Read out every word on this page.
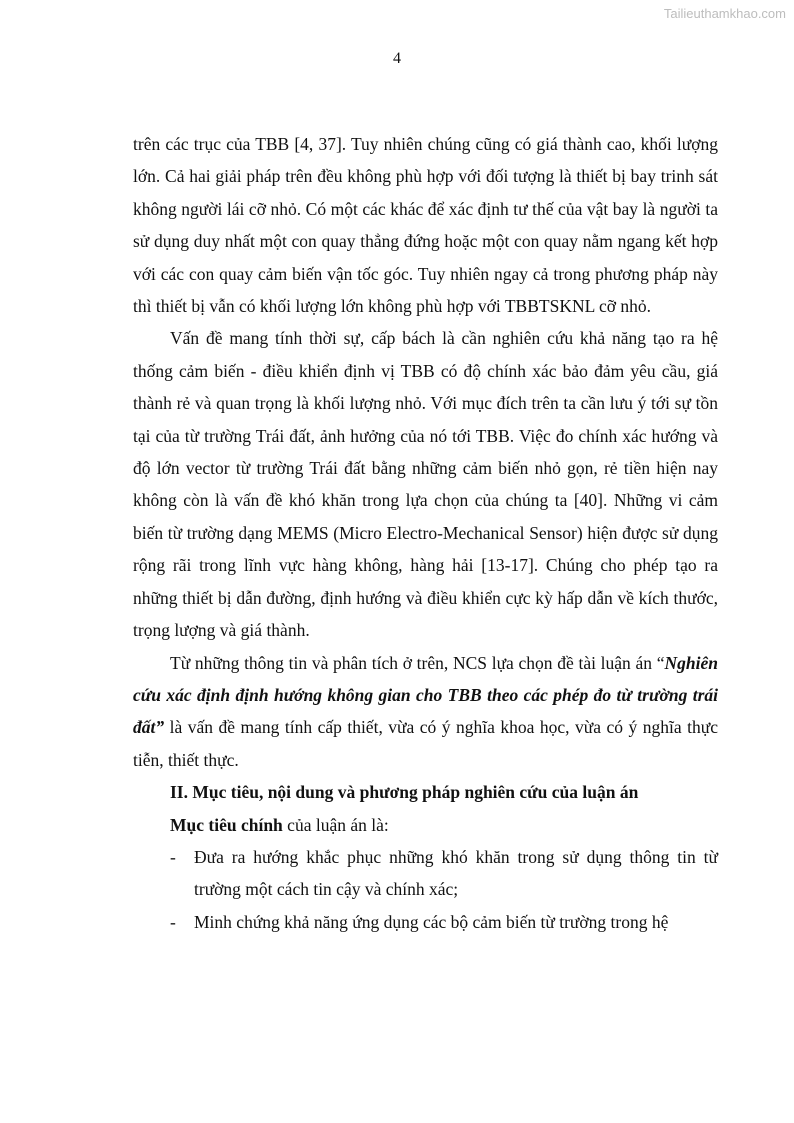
Tailieuthamkhao.com
4

trên các trục của TBB [4, 37]. Tuy nhiên chúng cũng có giá thành cao, khối lượng lớn. Cả hai giải pháp trên đều không phù hợp với đối tượng là thiết bị bay trinh sát không người lái cỡ nhỏ. Có một các khác để xác định tư thế của vật bay là người ta sử dụng duy nhất một con quay thẳng đứng hoặc một con quay nằm ngang kết hợp với các con quay cảm biến vận tốc góc. Tuy nhiên ngay cả trong phương pháp này thì thiết bị vẫn có khối lượng lớn không phù hợp với TBBTSKNL cỡ nhỏ.

Vấn đề mang tính thời sự, cấp bách là cần nghiên cứu khả năng tạo ra hệ thống cảm biến - điều khiển định vị TBB có độ chính xác bảo đảm yêu cầu, giá thành rẻ và quan trọng là khối lượng nhỏ. Với mục đích trên ta cần lưu ý tới sự tồn tại của từ trường Trái đất, ảnh hưởng của nó tới TBB. Việc đo chính xác hướng và độ lớn vector từ trường Trái đất bằng những cảm biến nhỏ gọn, rẻ tiền hiện nay không còn là vấn đề khó khăn trong lựa chọn của chúng ta [40]. Những vi cảm biến từ trường dạng MEMS (Micro Electro-Mechanical Sensor) hiện được sử dụng rộng rãi trong lĩnh vực hàng không, hàng hải [13-17]. Chúng cho phép tạo ra những thiết bị dẫn đường, định hướng và điều khiển cực kỳ hấp dẫn về kích thước, trọng lượng và giá thành.

Từ những thông tin và phân tích ở trên, NCS lựa chọn đề tài luận án “Nghiên cứu xác định định hướng không gian cho TBB theo các phép đo từ trường trái đất” là vấn đề mang tính cấp thiết, vừa có ý nghĩa khoa học, vừa có ý nghĩa thực tiễn, thiết thực.

II. Mục tiêu, nội dung và phương pháp nghiên cứu của luận án

Mục tiêu chính của luận án là:

- Đưa ra hướng khắc phục những khó khăn trong sử dụng thông tin từ trường một cách tin cậy và chính xác;

- Minh chứng khả năng ứng dụng các bộ cảm biến từ trường trong hệ
